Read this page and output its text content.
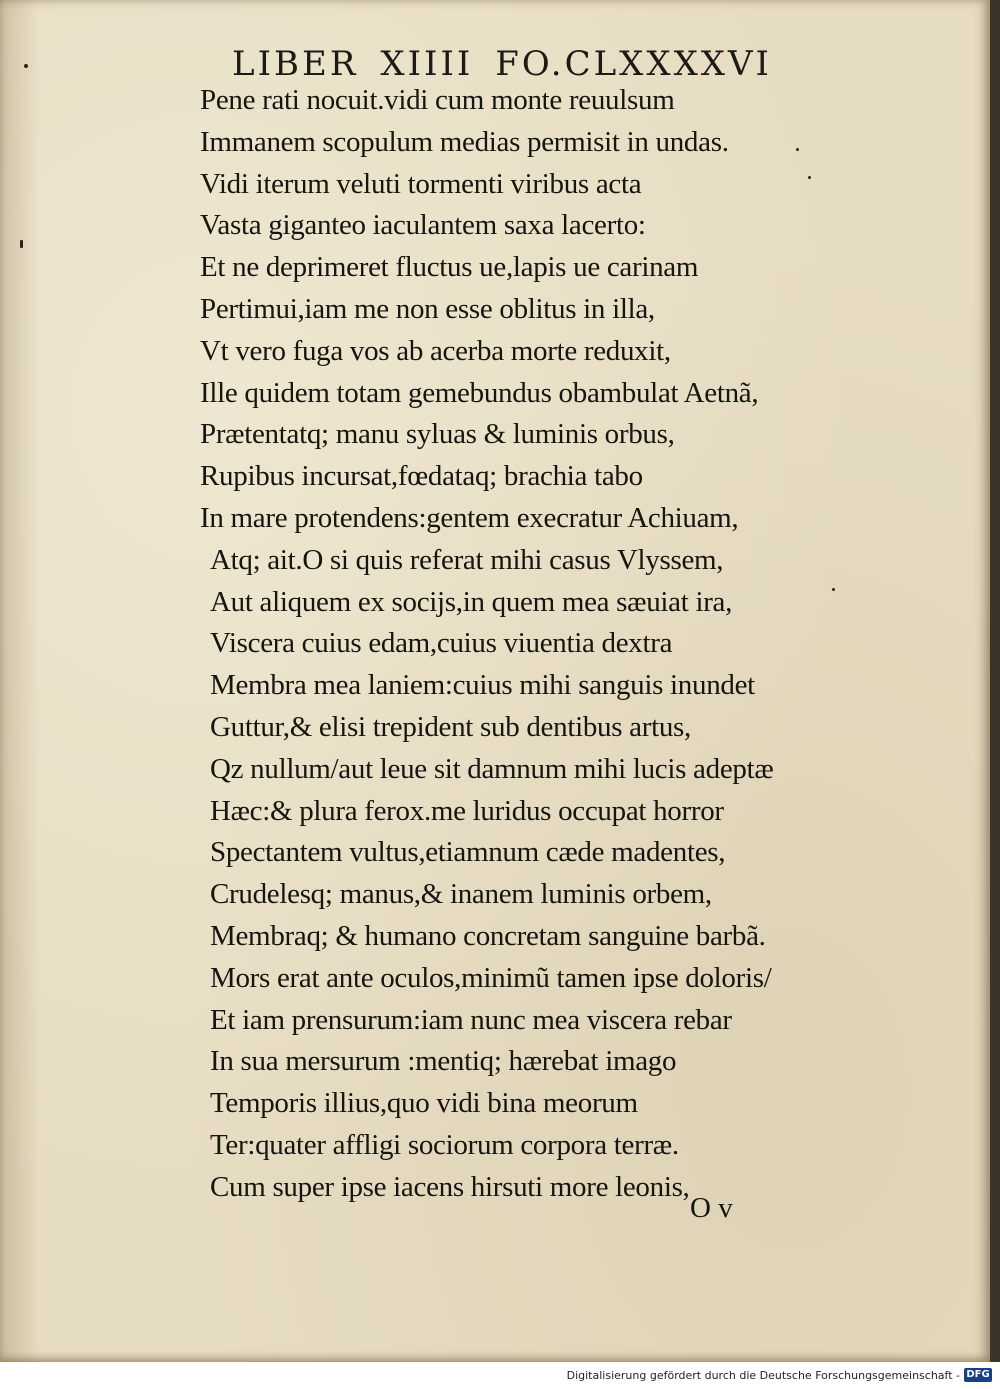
LIBER XIIII FO.CLXXXXVI
Pene rati nocuit.vidi cum monte reuulsum
Immanem scopulum medias permisit in undas.
Vidi iterum veluti tormenti viribus acta
Vasta giganteo iaculantem saxa lacerto:
Et ne deprimeret fluctus ue,lapis ue carinam
Pertimui,iam me non esse oblitus in illa,
Vt vero fuga vos ab acerba morte reduxit,
Ille quidem totam gemebundus obambulat Aetnã,
Prætentatq; manu syluas & luminis orbus,
Rupibus incursat,fœdataq; brachia tabo
In mare protendens:gentem execratur Achiuam,
Atq; ait.O si quis referat mihi casus Vlyssem,
Aut aliquem ex socijs,in quem mea sæuiat ira,
Viscera cuius edam,cuius viuentia dextra
Membra mea laniem:cuius mihi sanguis inundet
Guttur,& elisi trepident sub dentibus artus,
Qz nullum/aut leue sit damnum mihi lucis adeptæ
Hæc:& plura ferox.me luridus occupat horror
Spectantem vultus,etiamnum cæde madentes,
Crudelesq; manus,& inanem luminis orbem,
Membraq; & humano concretam sanguine barbã.
Mors erat ante oculos,minimũ tamen ipse doloris/
Et iam prensurum:iam nunc mea viscera rebar
In sua mersurum :mentiq; hærebat imago
Temporis illius,quo vidi bina meorum
Ter:quater affligi sociorum corpora terræ.
Cum super ipse iacens hirsuti more leonis,
O v
Digitalisierung gefördert durch die Deutsche Forschungsgemeinschaft - DFG
